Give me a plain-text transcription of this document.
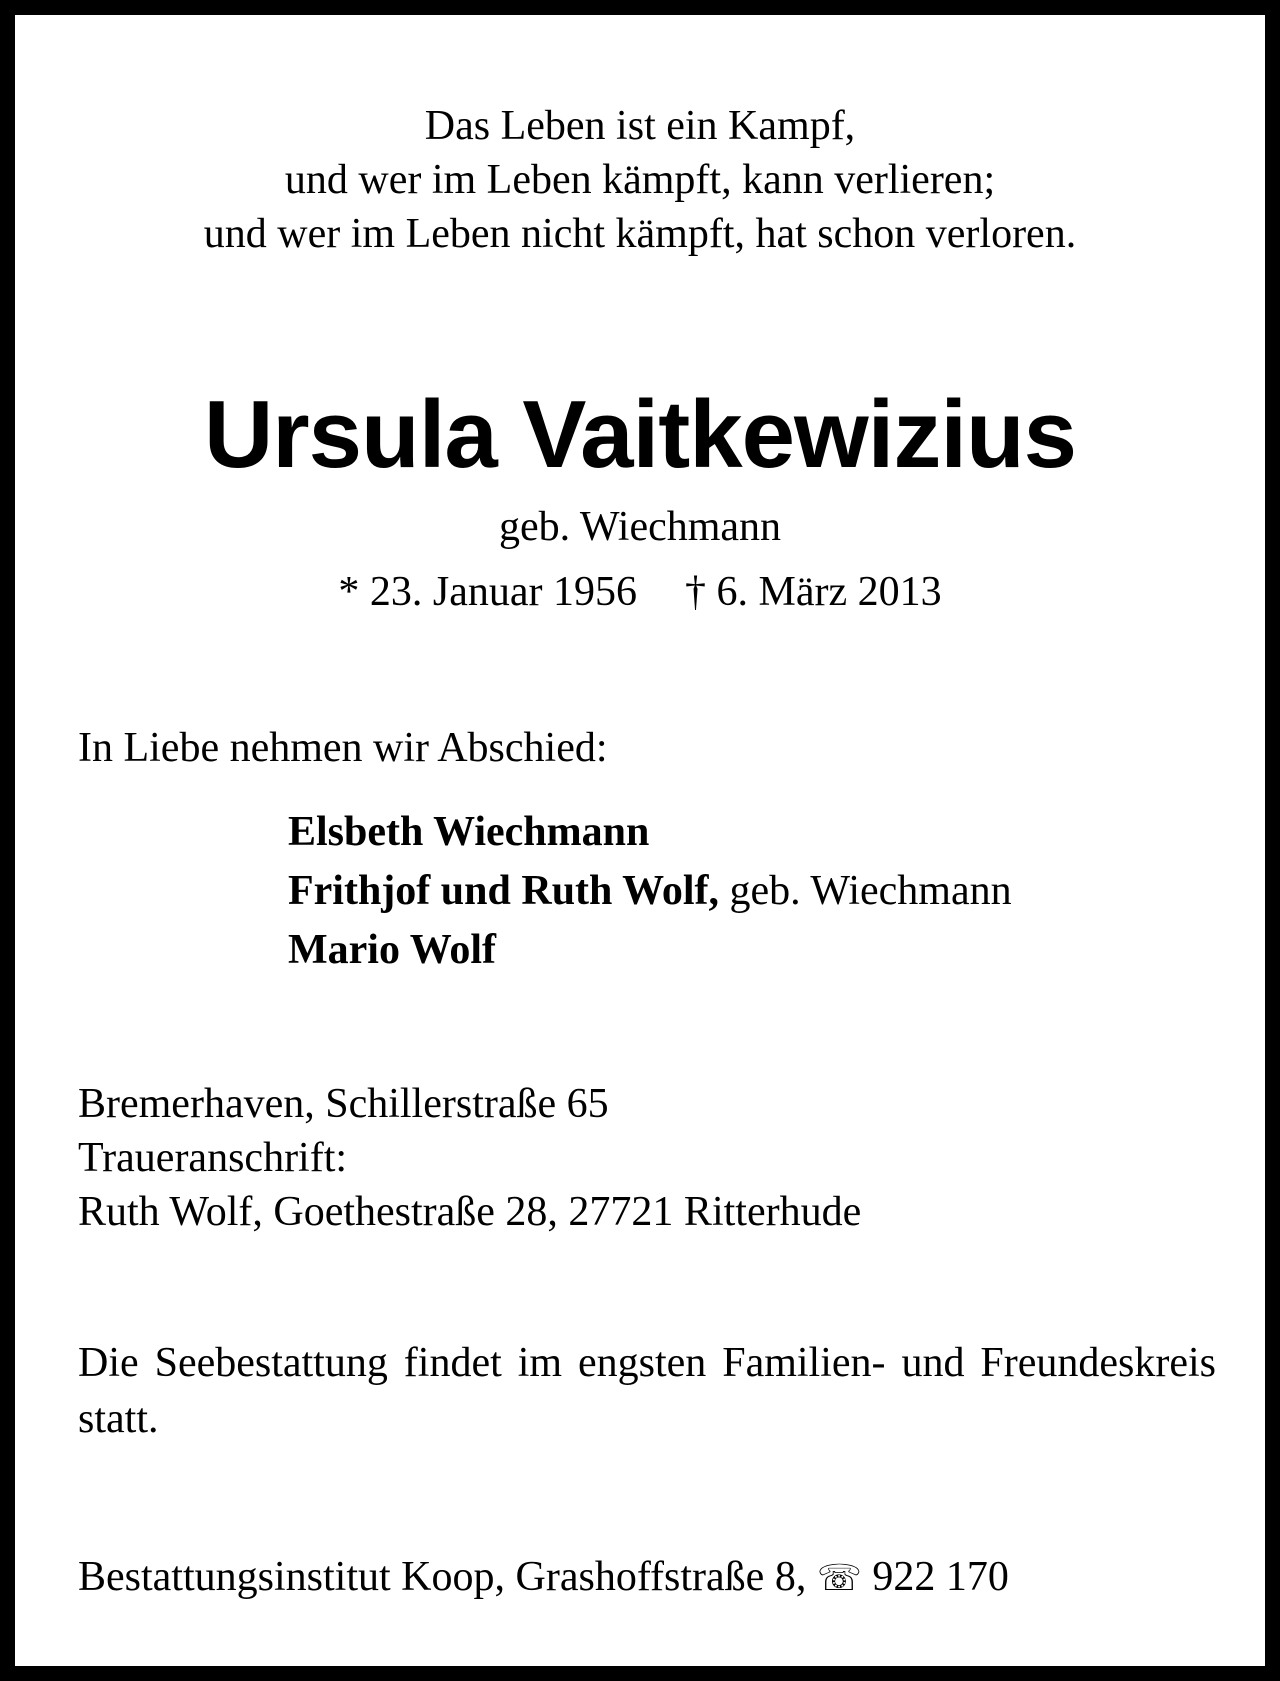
Das Leben ist ein Kampf,
und wer im Leben kämpft, kann verlieren;
und wer im Leben nicht kämpft, hat schon verloren.
Ursula Vaitkewizius
geb. Wiechmann
* 23. Januar 1956 † 6. März 2013
In Liebe nehmen wir Abschied:
Elsbeth Wiechmann
Frithjof und Ruth Wolf, geb. Wiechmann
Mario Wolf
Bremerhaven, Schillerstraße 65
Traueranschrift:
Ruth Wolf, Goethestraße 28, 27721 Ritterhude
Die Seebestattung findet im engsten Familien- und Freundeskreis statt.
Bestattungsinstitut Koop, Grashoffstraße 8, ☏ 922 170
